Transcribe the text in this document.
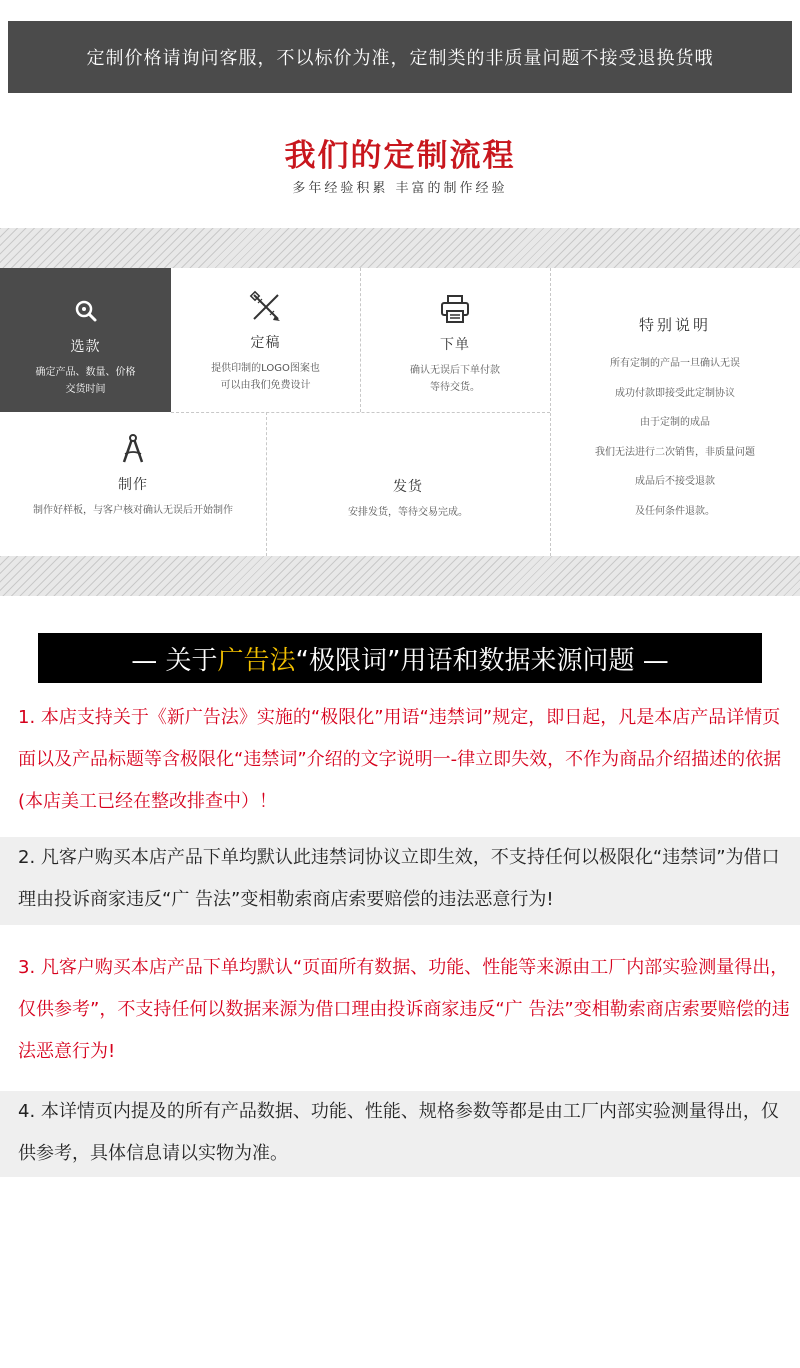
定制价格请询问客服，不以标价为准，定制类的非质量问题不接受退换货哦
我们的定制流程
多年经验积累 丰富的制作经验
选款
确定产品、数量、价格
交货时间
定稿
提供印制的LOGO图案也
可以由我们免费设计
下单
确认无误后下单付款
等待交货。
制作
制作好样板，与客户核对确认无误后开始制作
发货
安排发货，等待交易完成。
特别说明
所有定制的产品一旦确认无误
成功付款即接受此定制协议
由于定制的成品
我们无法进行二次销售，非质量问题
成品后不接受退款
及任何条件退款。
— 关于 广告法 “极限词” 用语和数据来源问题 —

1. 本店支持关于《新广告法》实施的“极限化”用语“违禁词”规定，即日起，凡是本店产品详情页面以及产品标题等含极限化“违禁词”介绍的文字说明一-律立即失效，不作为商品介绍描述的依据(本店美工已经在整改排查中）！

2. 凡客户购买本店产品下单均默认此违禁词协议立即生效，不支持任何以极限化“违禁词”为借口理由投诉商家违反“广 告法”变相勒索商店索要赔偿的违法恶意行为!

3. 凡客户购买本店产品下单均默认“页面所有数据、功能、性能等来源由工厂内部实验测量得出，仅供参考”，不支持任何以数据来源为借口理由投诉商家违反“广 告法”变相勒索商店索要赔偿的违法恶意行为!

4. 本详情页内提及的所有产品数据、功能、性能、规格参数等都是由工厂内部实验测量得出，仅供参考，具体信息请以实物为准。
